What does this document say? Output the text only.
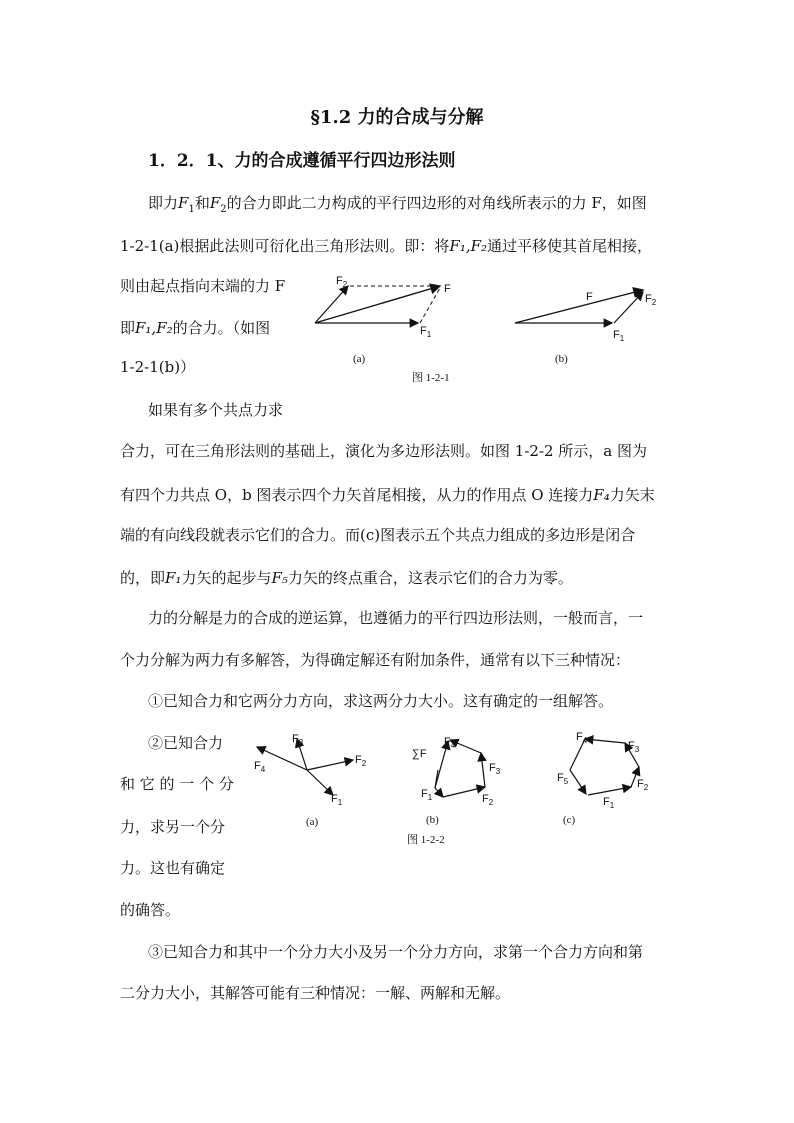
§1.2 力的合成与分解
1．2．1、力的合成遵循平行四边形法则
即力$F_1$和$F_2$的合力即此二力构成的平行四边形的对角线所表示的力 F，如图
1-2-1(a)根据此法则可衍化出三角形法则。即：将F₁,F₂通过平移使其首尾相接，
则由起点指向末端的力 F
即F₁,F₂的合力。（如图
1-2-1(b)）
$F_2$	F
$F_1$
(a)
F	$F_2$
$F_1$
(b)
图 1-2-1
如果有多个共点力求
合力，可在三角形法则的基础上，演化为多边形法则。如图 1-2-2 所示，a 图为
有四个力共点 O，b 图表示四个力矢首尾相接，从力的作用点 O 连接力F₄力矢末
端的有向线段就表示它们的合力。而(c)图表示五个共点力组成的多边形是闭合
的，即F₁力矢的起步与F₅力矢的终点重合，这表示它们的合力为零。
力的分解是力的合成的逆运算，也遵循力的平行四边形法则，一般而言，一
个力分解为两力有多解答，为得确定解还有附加条件，通常有以下三种情况：
①已知合力和它两分力方向，求这两分力大小。这有确定的一组解答。
②已知合力
和 它 的 一 个 分
力，求另一个分
力。这也有确定
的确答。
$F_4$
$F_3$
$F_2$
$F_1$
(a)
∑F
$F_4$
$F_3$
$F_2$
$F_1$
(b)
图 1-2-2
$F_4$	$F_3$
$F_2$
$F_1$
$F_5$
(c)
③已知合力和其中一个分力大小及另一个分力方向，求第一个合力方向和第
二分力大小，其解答可能有三种情况：一解、两解和无解。
